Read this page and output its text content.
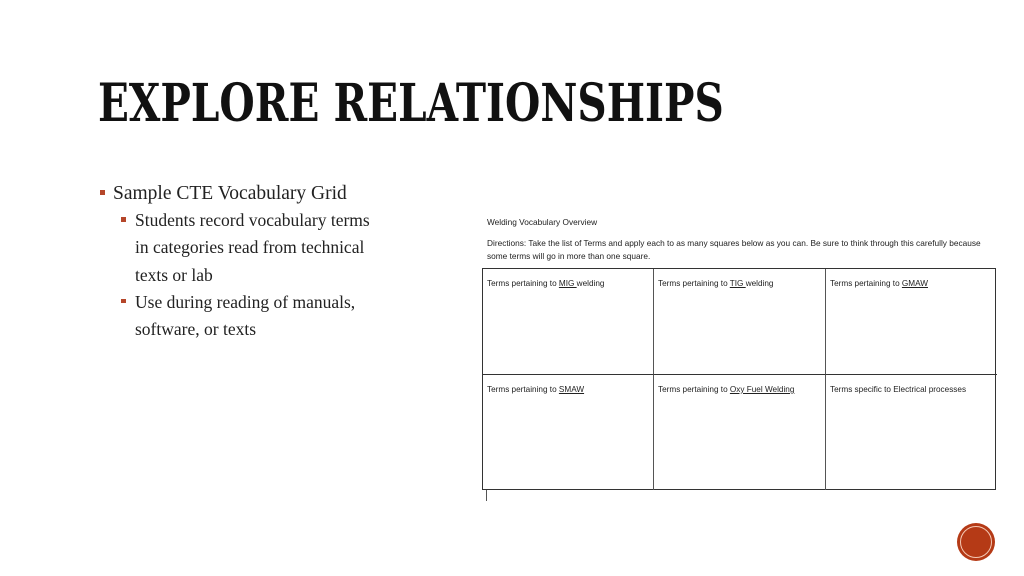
EXPLORE RELATIONSHIPS
Sample CTE Vocabulary Grid
Students record vocabulary terms
in categories read from technical
texts or lab
Use during reading of manuals,
software, or texts
Welding Vocabulary Overview
Directions: Take the list of Terms and apply each to as many squares below as you can. Be sure to think through this carefully because some terms will go in more than one square.
Terms pertaining to MIG welding	Terms pertaining to TIG welding	Terms pertaining to GMAW
Terms pertaining to SMAW	Terms pertaining to Oxy Fuel Welding	Terms specific to Electrical processes
